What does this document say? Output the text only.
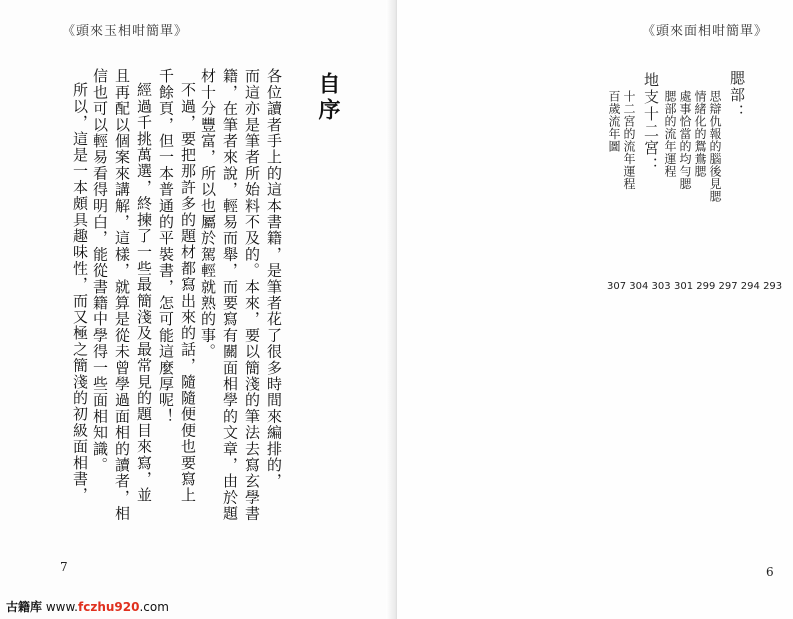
《頭來玉相咁簡單》
自序
各位讀者手上的這本書籍，是筆者花了很多時間來編排的，
而這亦是筆者所始料不及的。本來，要以簡淺的筆法去寫玄學書
籍，在筆者來說，輕易而舉，而要寫有關面相學的文章，由於題
材十分豐富，所以也屬於駕輕就熟的事。
不過，要把那許多的題材都寫出來的話，隨隨便便也要寫上
千餘頁，但一本普通的平裝書，怎可能這麼厚呢！
經過千挑萬選，終揀了一些最簡淺及最常見的題目來寫，並
且再配以個案來講解，這樣，就算是從未曾學過面相的讀者，相
信也可以輕易看得明白，能從書籍中學得一些面相知識。
所以，這是一本頗具趣味性，而又極之簡淺的初級面相書，
7
《頭來面相咁簡單》
腮部：
思辯仇報的腦後見腮
情緒化的鴛鴦腮
處事恰當的均勻腮
腮部的流年運程
地支十二宮：
十二宮的流年運程
百歲流年圖
301 299 297 294 293
307 304 303
6
古籍库 www.fczhu920.com
